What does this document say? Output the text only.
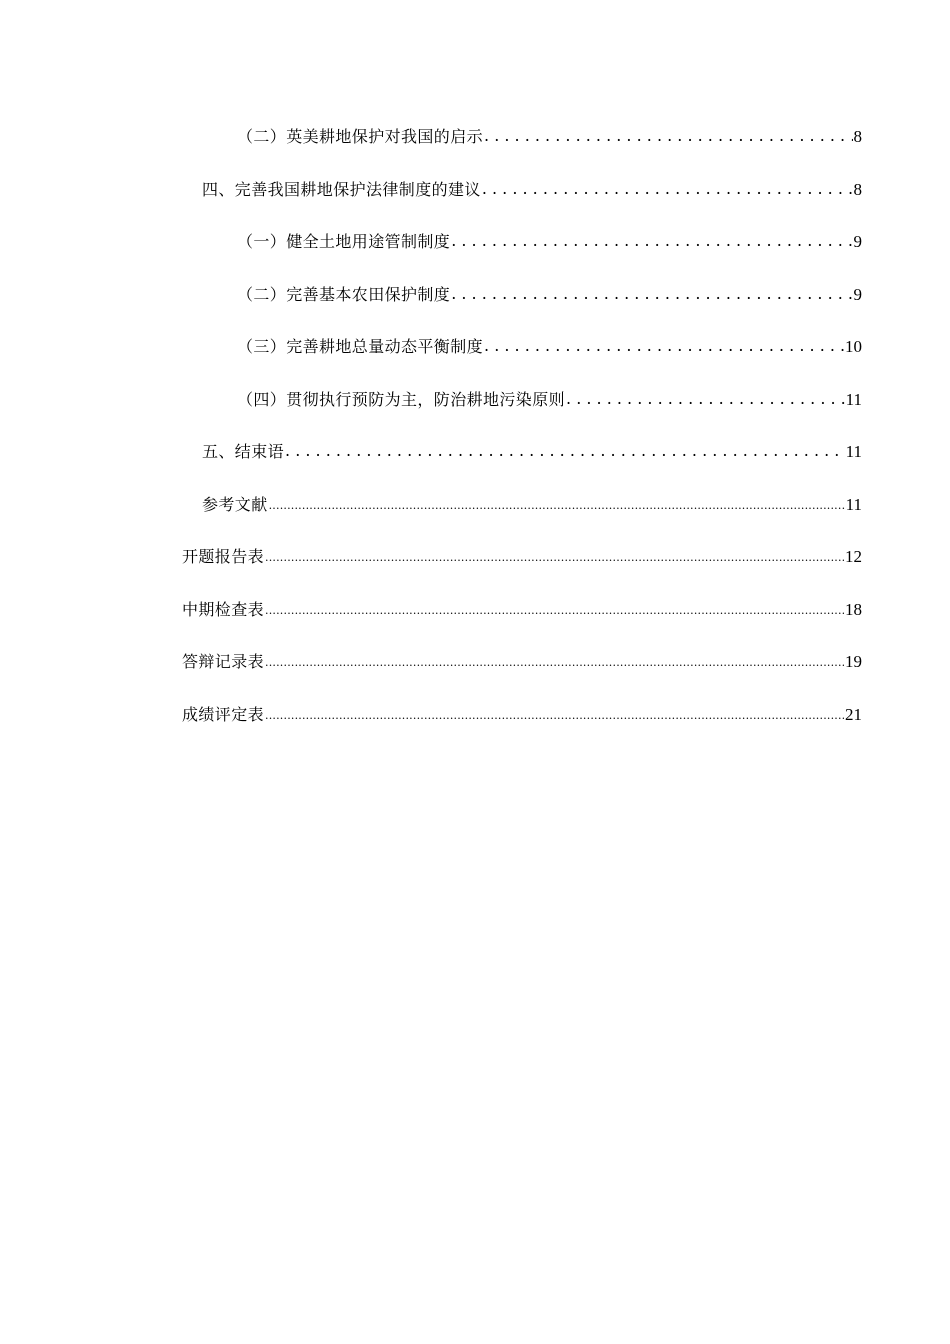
（二）英美耕地保护对我国的启示 . . .	8
四、完善我国耕地保护法律制度的建议 . . .	8
（一）健全土地用途管制制度 . . .	9
（二）完善基本农田保护制度 . . .	9
（三）完善耕地总量动态平衡制度 . . .	10
（四）贯彻执行预防为主，防治耕地污染原则 . . .	11
五、结束语 . . .	11
参考文献 .....	11
开题报告表 .....	12
中期检查表 .....	18
答辩记录表 .....	19
成绩评定表 .....	21
